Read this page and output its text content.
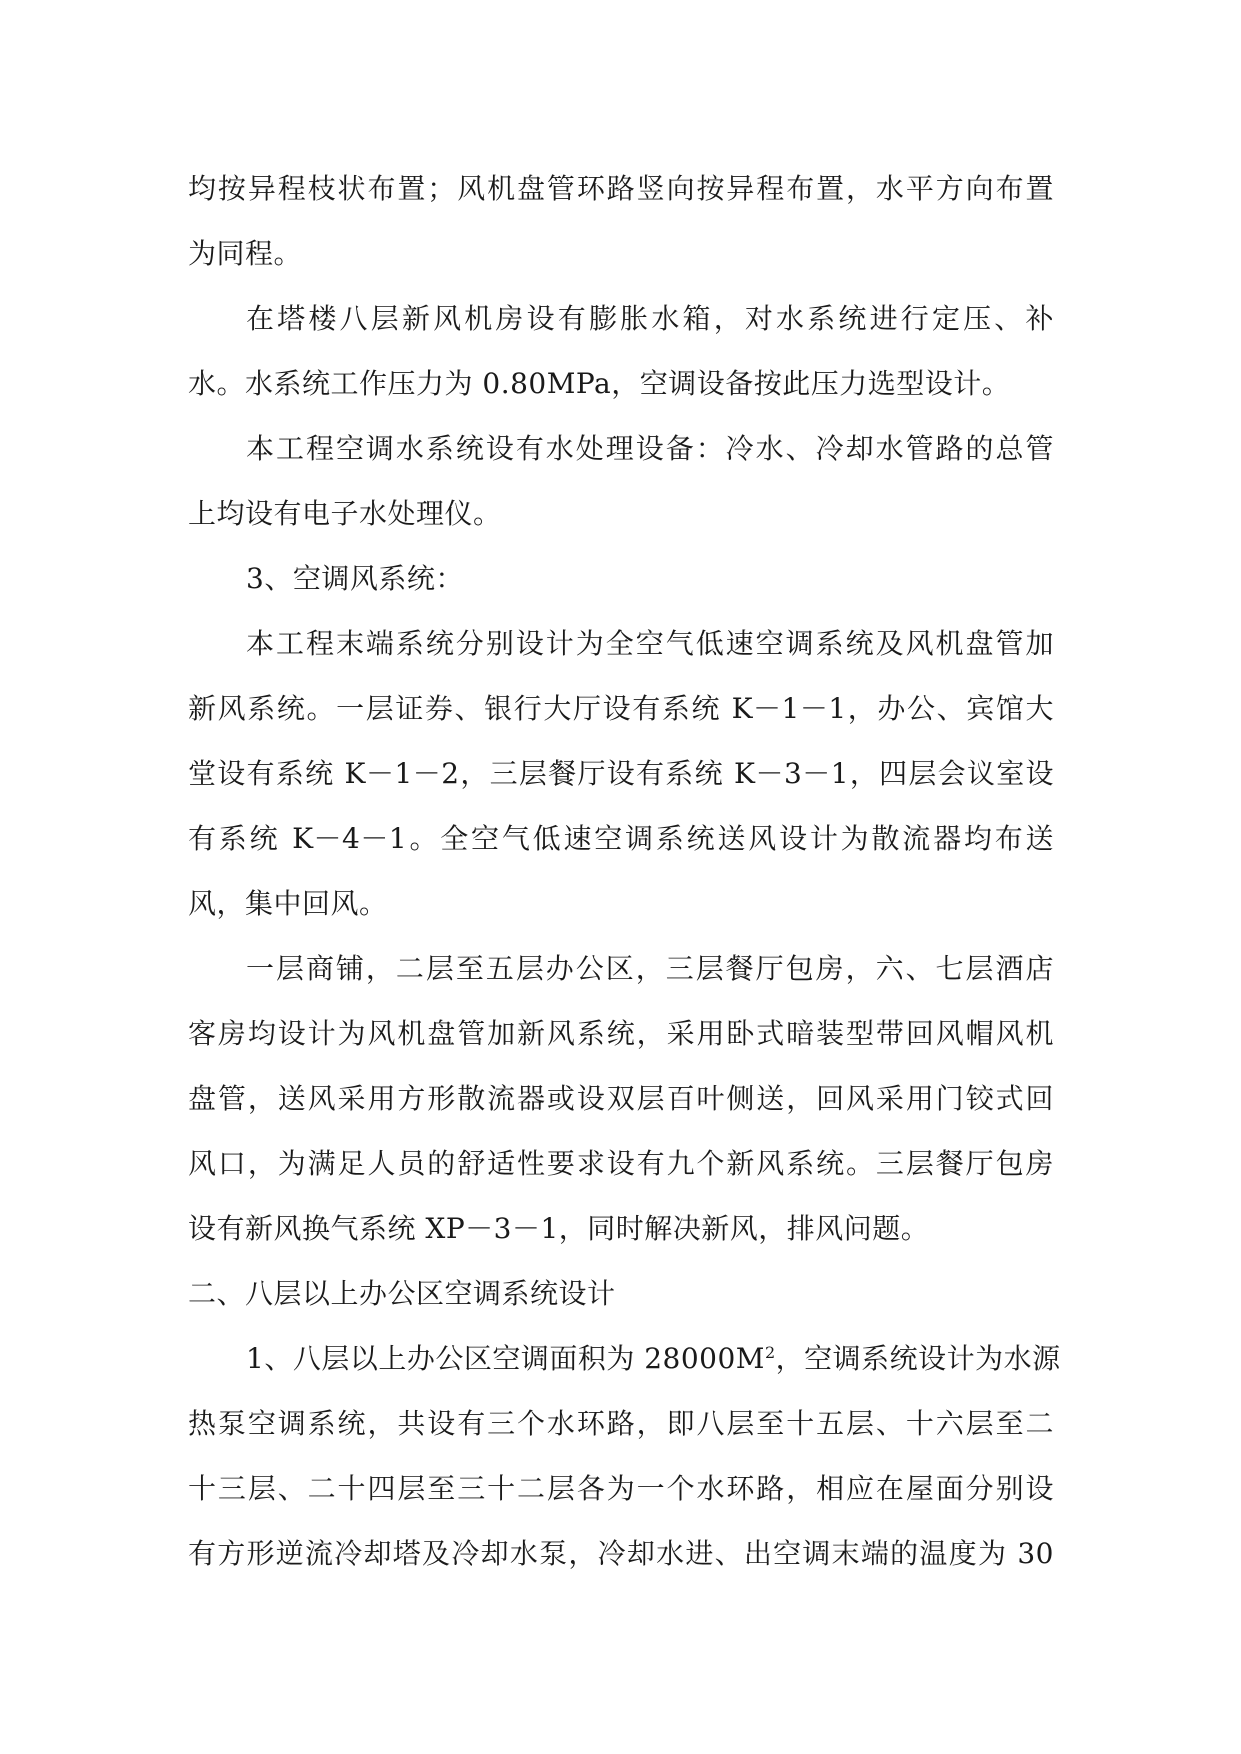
均按异程枝状布置；风机盘管环路竖向按异程布置，水平方向布置
为同程。
在塔楼八层新风机房设有膨胀水箱，对水系统进行定压、补
水。水系统工作压力为 0.80MPa，空调设备按此压力选型设计。
本工程空调水系统设有水处理设备：冷水、冷却水管路的总管
上均设有电子水处理仪。
3、空调风系统：
本工程末端系统分别设计为全空气低速空调系统及风机盘管加
新风系统。一层证券、银行大厅设有系统 K－1－1，办公、宾馆大
堂设有系统 K－1－2，三层餐厅设有系统 K－3－1，四层会议室设
有系统 K－4－1。全空气低速空调系统送风设计为散流器均布送
风，集中回风。
一层商铺，二层至五层办公区，三层餐厅包房，六、七层酒店
客房均设计为风机盘管加新风系统，采用卧式暗装型带回风帽风机
盘管，送风采用方形散流器或设双层百叶侧送，回风采用门铰式回
风口，为满足人员的舒适性要求设有九个新风系统。三层餐厅包房
设有新风换气系统 XP－3－1，同时解决新风，排风问题。
二、八层以上办公区空调系统设计
1、八层以上办公区空调面积为 $28000M^2$，空调系统设计为水源
热泵空调系统，共设有三个水环路，即八层至十五层、十六层至二
十三层、二十四层至三十二层各为一个水环路，相应在屋面分别设
有方形逆流冷却塔及冷却水泵，冷却水进、出空调末端的温度为 30
